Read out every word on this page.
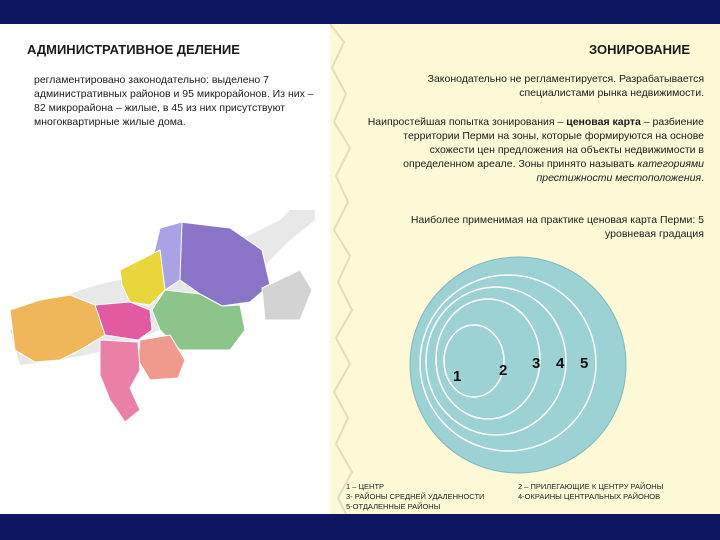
АДМИНИСТРАТИВНОЕ ДЕЛЕНИЕ
регламентировано законодательно: выделено 7 административных районов и 95 микрорайонов. Из них – 82 микрорайона – жилые, в 45 из них присутствуют многоквартирные жилые дома.
ЗОНИРОВАНИЕ
Законодательно не регламентируется. Разрабатывается специалистами рынка недвижимости.
Наипростейшая попытка зонирования – ценовая карта – разбиение территории Перми на зоны, которые формируются на основе схожести цен предложения на объекты недвижимости в определенном ареале. Зоны принято называть категориями престижности местоположения.
Наиболее применимая на практике ценовая карта Перми: 5 уровневая градация
1	2 3 4 5
1 – ЦЕНТР
3- РАЙОНЫ СРЕДНЕЙ УДАЛЕННОСТИ
5-ОТДАЛЕННЫЕ РАЙОНЫ
2 – ПРИЛЕГАЮЩИЕ К ЦЕНТРУ РАЙОНЫ
4-ОКРАИНЫ ЦЕНТРАЛЬНЫХ РАЙОНОВ
